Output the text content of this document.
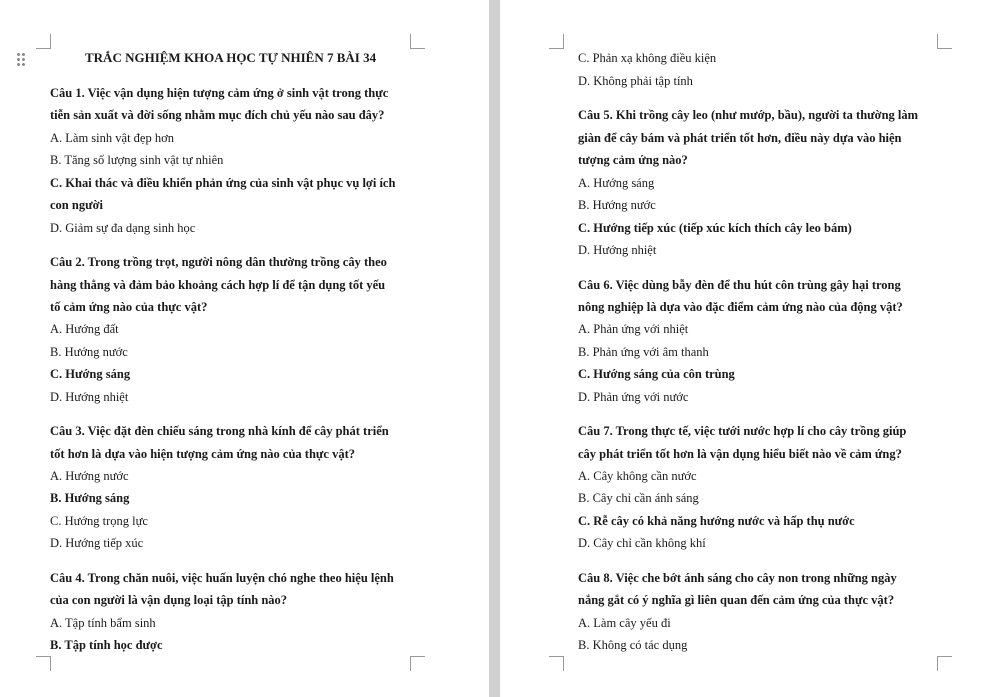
TRẮC NGHIỆM KHOA HỌC TỰ NHIÊN 7 BÀI 34
Câu 1. Việc vận dụng hiện tượng cảm ứng ở sinh vật trong thực
tiễn sản xuất và đời sống nhằm mục đích chủ yếu nào sau đây?
A. Làm sinh vật đẹp hơn
B. Tăng số lượng sinh vật tự nhiên
C. Khai thác và điều khiển phản ứng của sinh vật phục vụ lợi ích
con người
D. Giảm sự đa dạng sinh học
Câu 2. Trong trồng trọt, người nông dân thường trồng cây theo
hàng thẳng và đảm bảo khoảng cách hợp lí để tận dụng tốt yếu
tố cảm ứng nào của thực vật?
A. Hướng đất
B. Hướng nước
C. Hướng sáng
D. Hướng nhiệt
Câu 3. Việc đặt đèn chiếu sáng trong nhà kính để cây phát triển
tốt hơn là dựa vào hiện tượng cảm ứng nào của thực vật?
A. Hướng nước
B. Hướng sáng
C. Hướng trọng lực
D. Hướng tiếp xúc
Câu 4. Trong chăn nuôi, việc huấn luyện chó nghe theo hiệu lệnh
của con người là vận dụng loại tập tính nào?
A. Tập tính bẩm sinh
B. Tập tính học được
C. Phản xạ không điều kiện
D. Không phải tập tính
Câu 5. Khi trồng cây leo (như mướp, bầu), người ta thường làm
giàn để cây bám và phát triển tốt hơn, điều này dựa vào hiện
tượng cảm ứng nào?
A. Hướng sáng
B. Hướng nước
C. Hướng tiếp xúc (tiếp xúc kích thích cây leo bám)
D. Hướng nhiệt
Câu 6. Việc dùng bẫy đèn để thu hút côn trùng gây hại trong
nông nghiệp là dựa vào đặc điểm cảm ứng nào của động vật?
A. Phản ứng với nhiệt
B. Phản ứng với âm thanh
C. Hướng sáng của côn trùng
D. Phản ứng với nước
Câu 7. Trong thực tế, việc tưới nước hợp lí cho cây trồng giúp
cây phát triển tốt hơn là vận dụng hiểu biết nào về cảm ứng?
A. Cây không cần nước
B. Cây chỉ cần ánh sáng
C. Rễ cây có khả năng hướng nước và hấp thụ nước
D. Cây chỉ cần không khí
Câu 8. Việc che bớt ánh sáng cho cây non trong những ngày
nắng gắt có ý nghĩa gì liên quan đến cảm ứng của thực vật?
A. Làm cây yếu đi
B. Không có tác dụng
